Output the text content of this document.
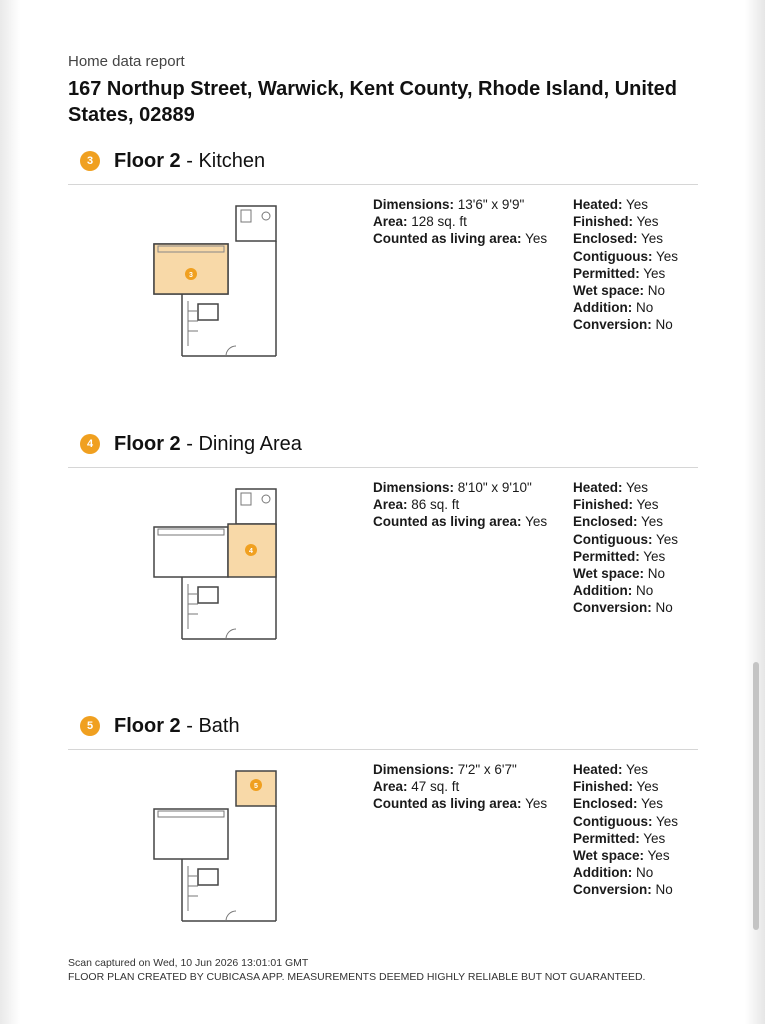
Home data report
167 Northup Street, Warwick, Kent County, Rhode Island, United States, 02889
3	Floor 2 - Kitchen
3
Dimensions: 13'6" x 9'9"
Area: 128 sq. ft
Counted as living area: Yes
Heated: Yes
Finished: Yes
Enclosed: Yes
Contiguous: Yes
Permitted: Yes
Wet space: No
Addition: No
Conversion: No
4	Floor 2 - Dining Area
4
Dimensions: 8'10" x 9'10"
Area: 86 sq. ft
Counted as living area: Yes
Heated: Yes
Finished: Yes
Enclosed: Yes
Contiguous: Yes
Permitted: Yes
Wet space: No
Addition: No
Conversion: No
5	Floor 2 - Bath
5
Dimensions: 7'2" x 6'7"
Area: 47 sq. ft
Counted as living area: Yes
Heated: Yes
Finished: Yes
Enclosed: Yes
Contiguous: Yes
Permitted: Yes
Wet space: Yes
Addition: No
Conversion: No
Scan captured on Wed, 10 Jun 2026 13:01:01 GMT
FLOOR PLAN CREATED BY CUBICASA APP. MEASUREMENTS DEEMED HIGHLY RELIABLE BUT NOT GUARANTEED.
